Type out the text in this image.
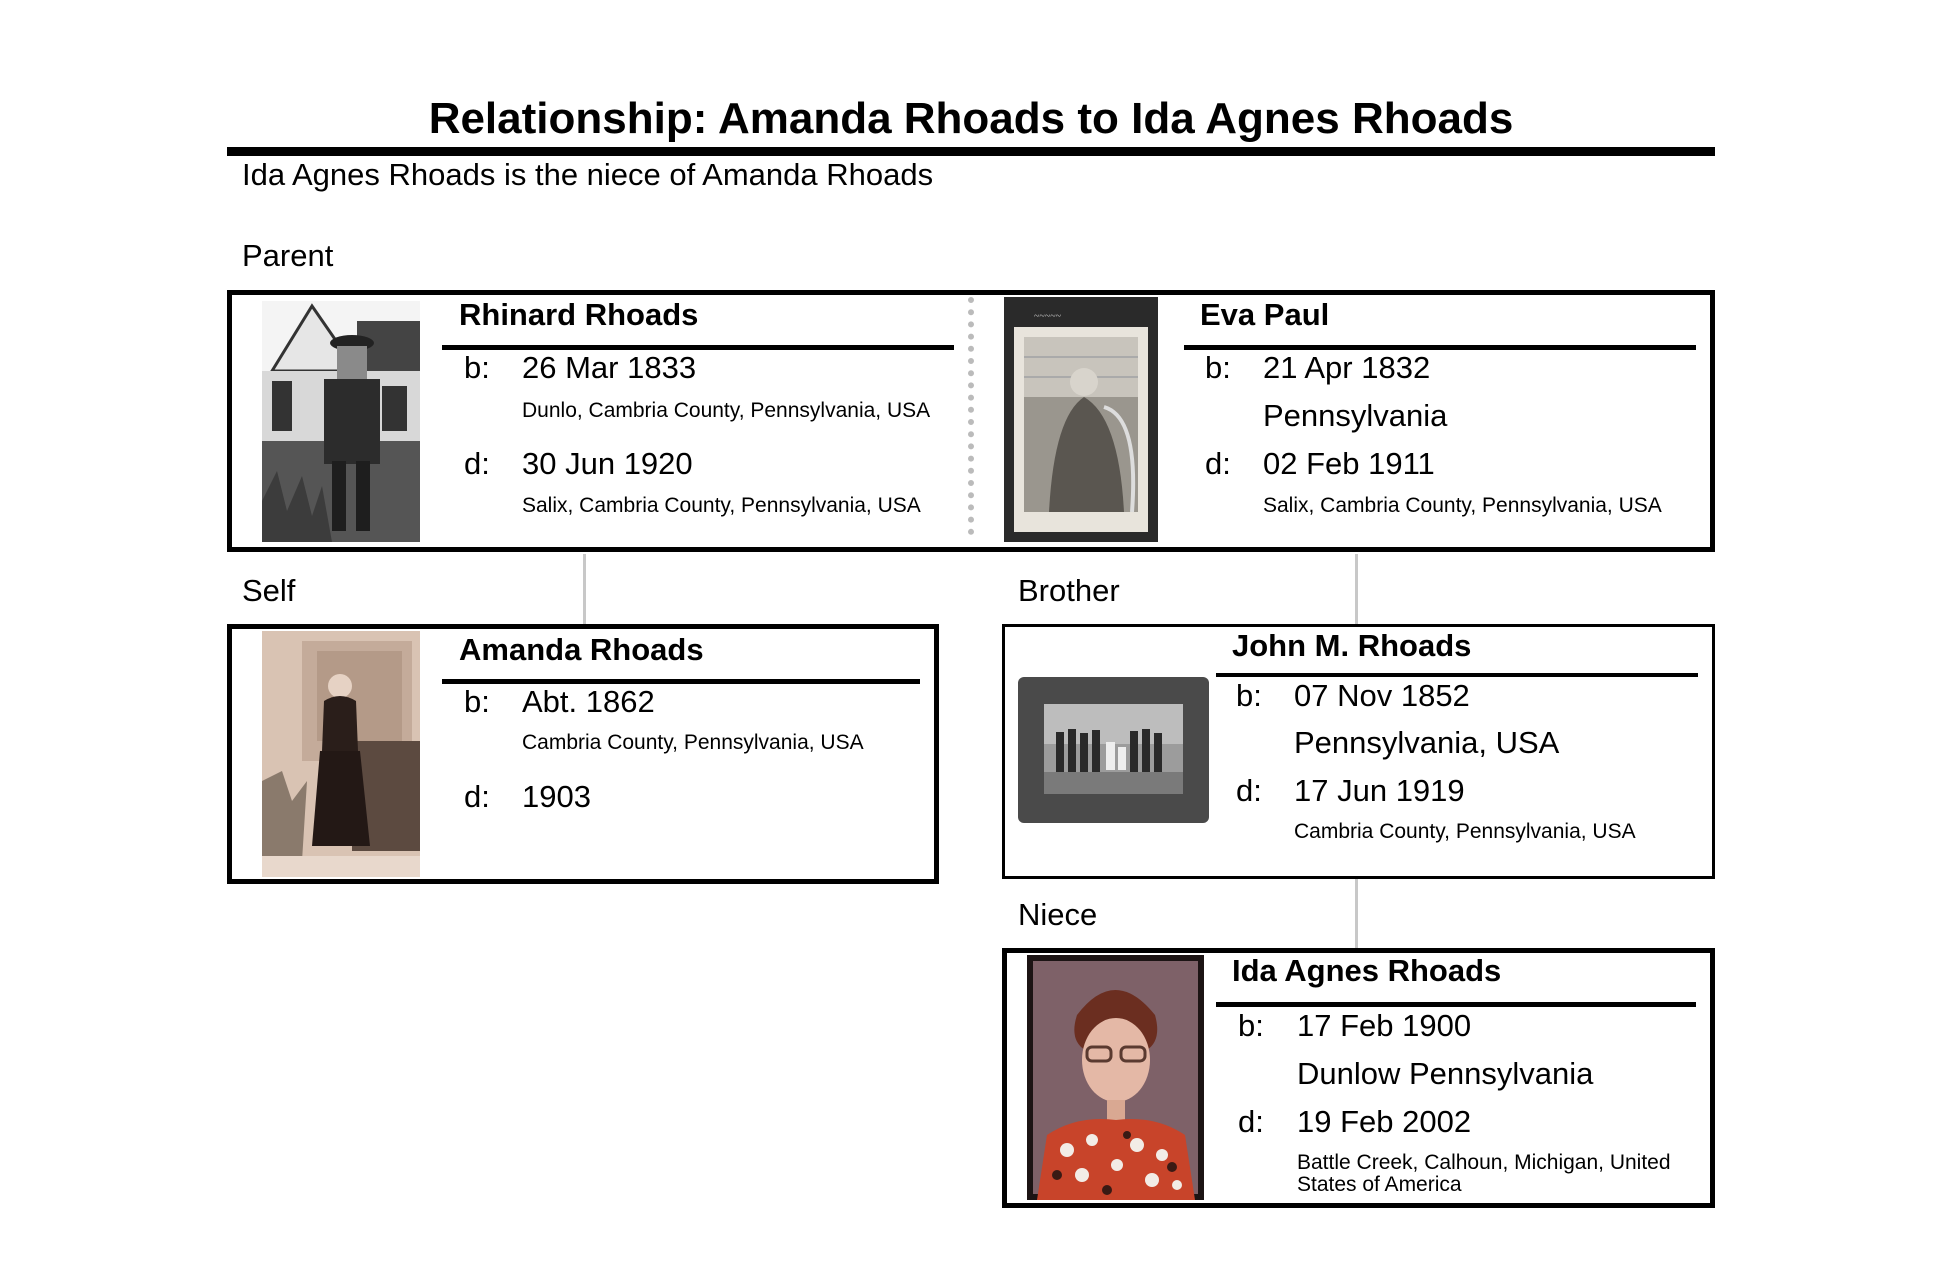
Relationship: Amanda Rhoads to Ida Agnes Rhoads
Ida Agnes Rhoads is the niece of Amanda Rhoads
Parent
Self	Brother
Niece
Rhinard Rhoads
b: 26 Mar 1833
Dunlo, Cambria County, Pennsylvania, USA
d: 30 Jun 1920
Salix, Cambria County, Pennsylvania, USA
~~~~~	Eva Paul
b: 21 Apr 1832
Pennsylvania
d: 02 Feb 1911
Salix, Cambria County, Pennsylvania, USA
Amanda Rhoads
b: Abt. 1862
Cambria County, Pennsylvania, USA
d: 1903
John M. Rhoads
b: 07 Nov 1852
Pennsylvania, USA
d: 17 Jun 1919
Cambria County, Pennsylvania, USA
Ida Agnes Rhoads
b: 17 Feb 1900
Dunlow Pennsylvania
d: 19 Feb 2002
Battle Creek, Calhoun, Michigan, United States of America
